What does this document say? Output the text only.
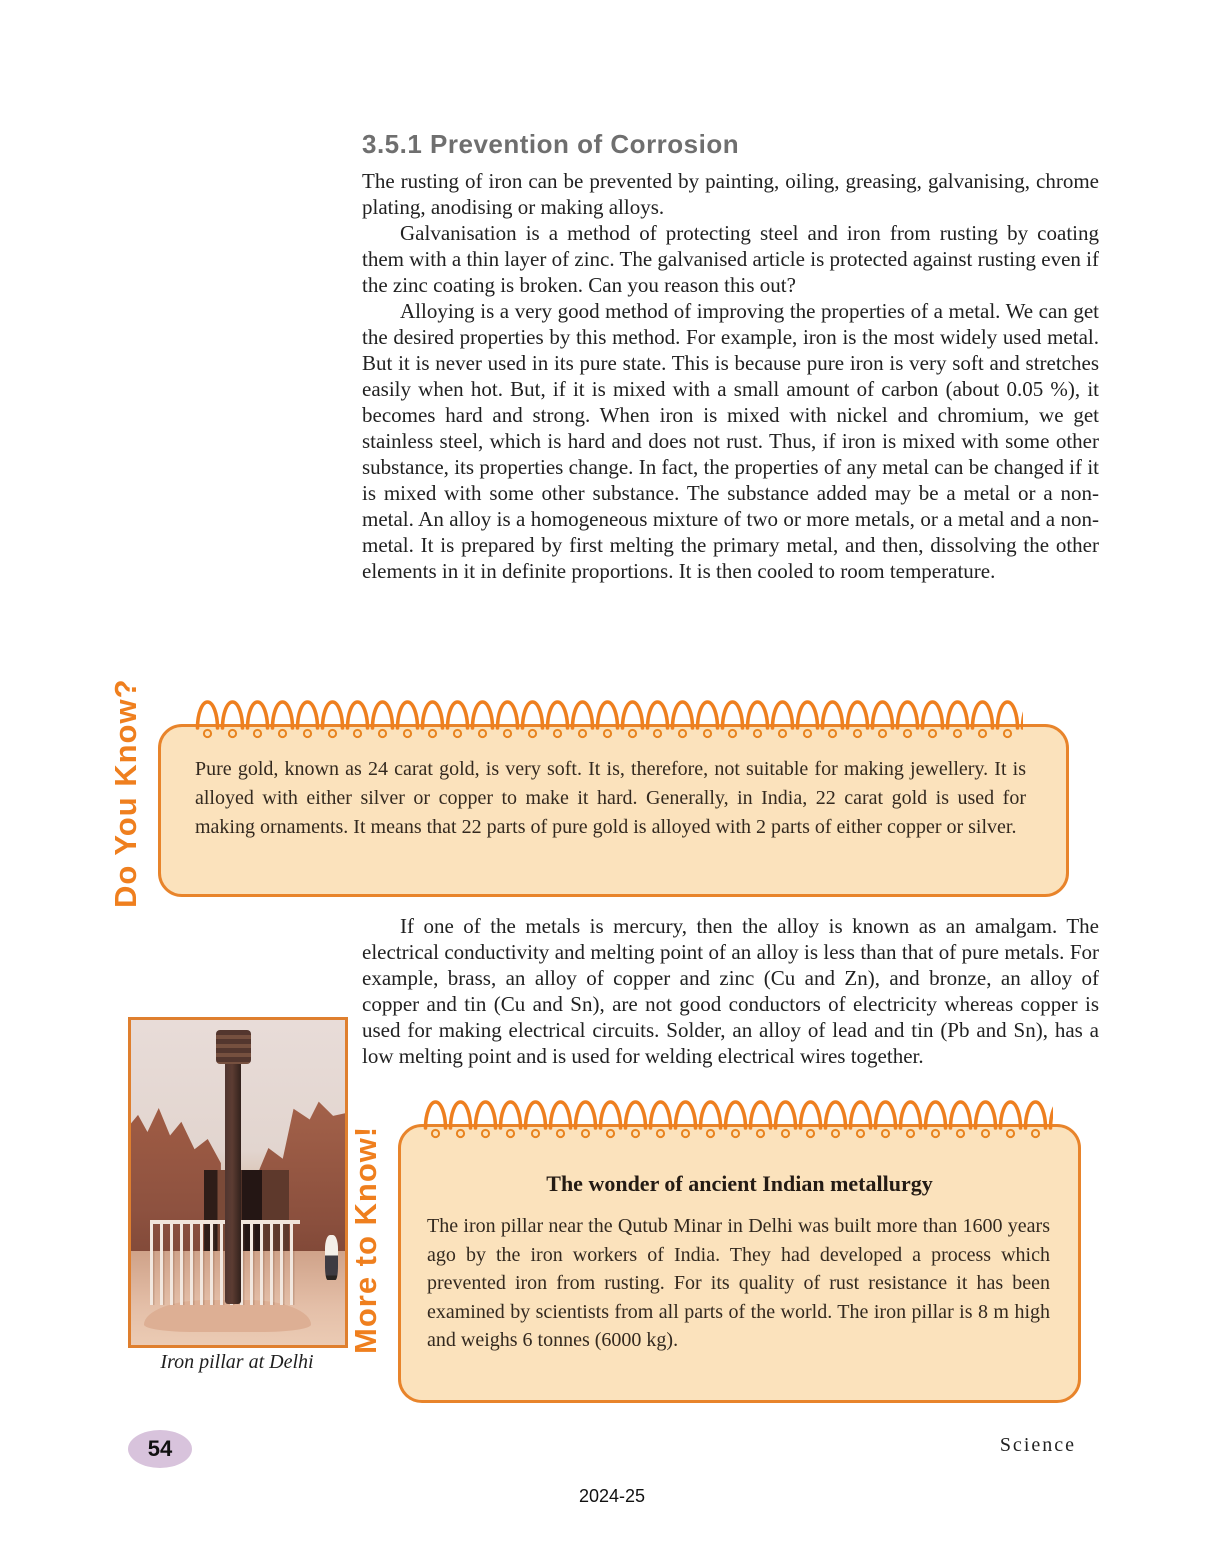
3.5.1 Prevention of Corrosion

The rusting of iron can be prevented by painting, oiling, greasing, galvanising, chrome plating, anodising or making alloys.

Galvanisation is a method of protecting steel and iron from rusting by coating them with a thin layer of zinc. The galvanised article is protected against rusting even if the zinc coating is broken. Can you reason this out?

Alloying is a very good method of improving the properties of a metal. We can get the desired properties by this method. For example, iron is the most widely used metal. But it is never used in its pure state. This is because pure iron is very soft and stretches easily when hot. But, if it is mixed with a small amount of carbon (about 0.05 %), it becomes hard and strong. When iron is mixed with nickel and chromium, we get stainless steel, which is hard and does not rust. Thus, if iron is mixed with some other substance, its properties change. In fact, the properties of any metal can be changed if it is mixed with some other substance. The substance added may be a metal or a non-metal. An alloy is a homogeneous mixture of two or more metals, or a metal and a non-metal. It is prepared by first melting the primary metal, and then, dissolving the other elements in it in definite proportions. It is then cooled to room temperature.

Do You Know?	Pure gold, known as 24 carat gold, is very soft. It is, therefore, not suitable for making jewellery. It is alloyed with either silver or copper to make it hard. Generally, in India, 22 carat gold is used for making ornaments. It means that 22 parts of pure gold is alloyed with 2 parts of either copper or silver.

If one of the metals is mercury, then the alloy is known as an amalgam. The electrical conductivity and melting point of an alloy is less than that of pure metals. For example, brass, an alloy of copper and zinc (Cu and Zn), and bronze, an alloy of copper and tin (Cu and Sn), are not good conductors of electricity whereas copper is used for making electrical circuits. Solder, an alloy of lead and tin (Pb and Sn), has a low melting point and is used for welding electrical wires together.

Iron pillar at Delhi
More to Know!	The wonder of ancient Indian metallurgy
The iron pillar near the Qutub Minar in Delhi was built more than 1600 years ago by the iron workers of India. They had developed a process which prevented iron from rusting. For its quality of rust resistance it has been examined by scientists from all parts of the world. The iron pillar is 8 m high and weighs 6 tonnes (6000 kg).
54	Science
2024-25
